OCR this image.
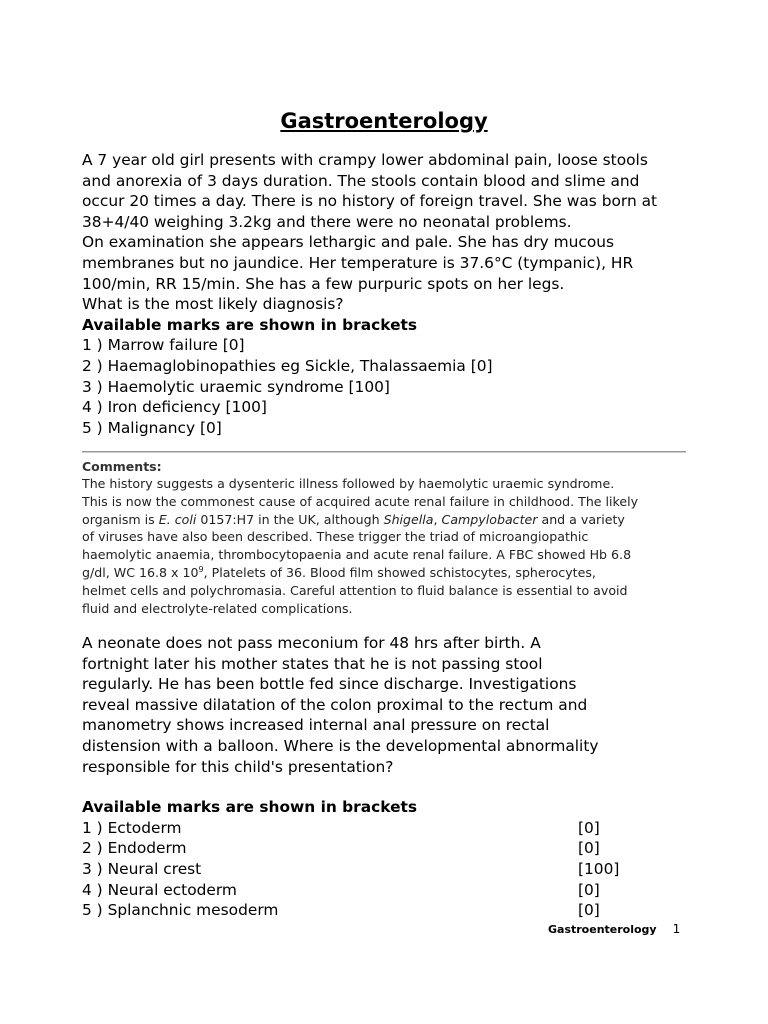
Gastroenterology
A 7 year old girl presents with crampy lower abdominal pain, loose stools
and anorexia of 3 days duration. The stools contain blood and slime and
occur 20 times a day. There is no history of foreign travel. She was born at
38+4/40 weighing 3.2kg and there were no neonatal problems.
On examination she appears lethargic and pale. She has dry mucous
membranes but no jaundice. Her temperature is 37.6°C (tympanic), HR
100/min, RR 15/min. She has a few purpuric spots on her legs.
What is the most likely diagnosis?
Available marks are shown in brackets
1 ) Marrow failure [0]
2 ) Haemaglobinopathies eg Sickle, Thalassaemia [0]
3 ) Haemolytic uraemic syndrome [100]
4 ) Iron deficiency [100]
5 ) Malignancy [0]
Comments:
The history suggests a dysenteric illness followed by haemolytic uraemic syndrome.
This is now the commonest cause of acquired acute renal failure in childhood. The likely
organism is E. coli 0157:H7 in the UK, although Shigella, Campylobacter and a variety
of viruses have also been described. These trigger the triad of microangiopathic
haemolytic anaemia, thrombocytopaenia and acute renal failure. A FBC showed Hb 6.8
g/dl, WC 16.8 x $10^9$, Platelets of 36. Blood film showed schistocytes, spherocytes,
helmet cells and polychromasia. Careful attention to fluid balance is essential to avoid
fluid and electrolyte-related complications.
A neonate does not pass meconium for 48 hrs after birth. A
fortnight later his mother states that he is not passing stool
regularly. He has been bottle fed since discharge. Investigations
reveal massive dilatation of the colon proximal to the rectum and
manometry shows increased internal anal pressure on rectal
distension with a balloon. Where is the developmental abnormality
responsible for this child's presentation?
Available marks are shown in brackets
1 ) Ectoderm	[0]
2 ) Endoderm	[0]
3 ) Neural crest	[100]
4 ) Neural ectoderm	[0]
5 ) Splanchnic mesoderm	[0]
Gastroenterology 1
